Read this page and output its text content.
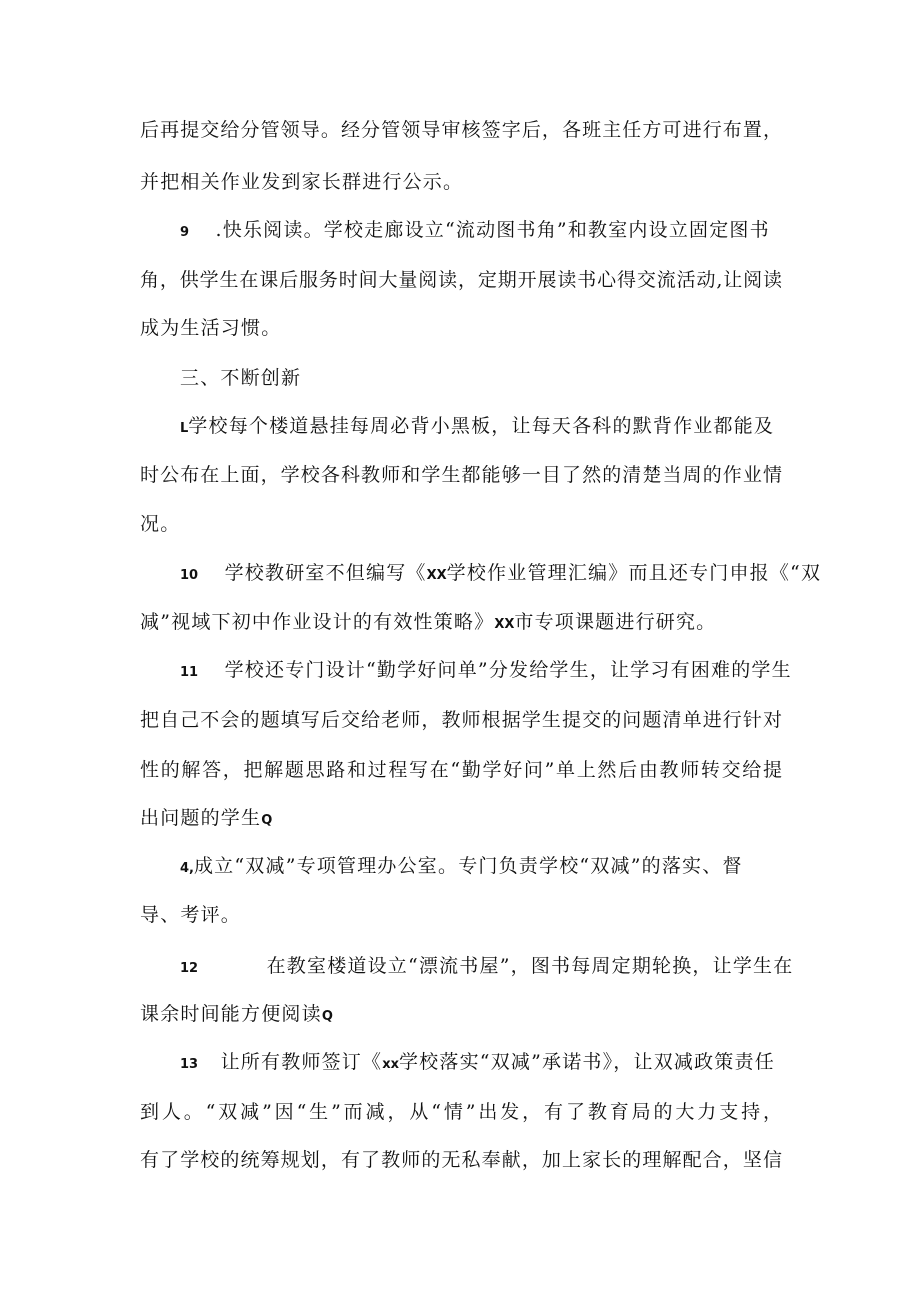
后再提交给分管领导。经分管领导审核签字后，各班主任方可进行布置，
并把相关作业发到家长群进行公示。
9 .快乐阅读。学校走廊设立“流动图书角”和教室内设立固定图书
角，供学生在课后服务时间大量阅读，定期开展读书心得交流活动,让阅读
成为生活习惯。
三、不断创新
L学校每个楼道悬挂每周必背小黑板，让每天各科的默背作业都能及
时公布在上面，学校各科教师和学生都能够一目了然的清楚当周的作业情
况。
10 学校教研室不但编写《XX学校作业管理汇编》而且还专门申报《“双
减”视域下初中作业设计的有效性策略》XX市专项课题进行研究。
11 学校还专门设计“勤学好问单”分发给学生，让学习有困难的学生
把自己不会的题填写后交给老师，教师根据学生提交的问题清单进行针对
性的解答，把解题思路和过程写在“勤学好问”单上然后由教师转交给提
出问题的学生Q
4,成立“双减”专项管理办公室。专门负责学校“双减”的落实、督
导、考评。
12	在教室楼道设立“漂流书屋”，图书每周定期轮换，让学生在
课余时间能方便阅读Q
13 让所有教师签订《xx学校落实“双减”承诺书》，让双减政策责任
到人。“双减”因“生”而减，从“情”出发，有了教育局的大力支持，
有了学校的统筹规划，有了教师的无私奉献，加上家长的理解配合，坚信
